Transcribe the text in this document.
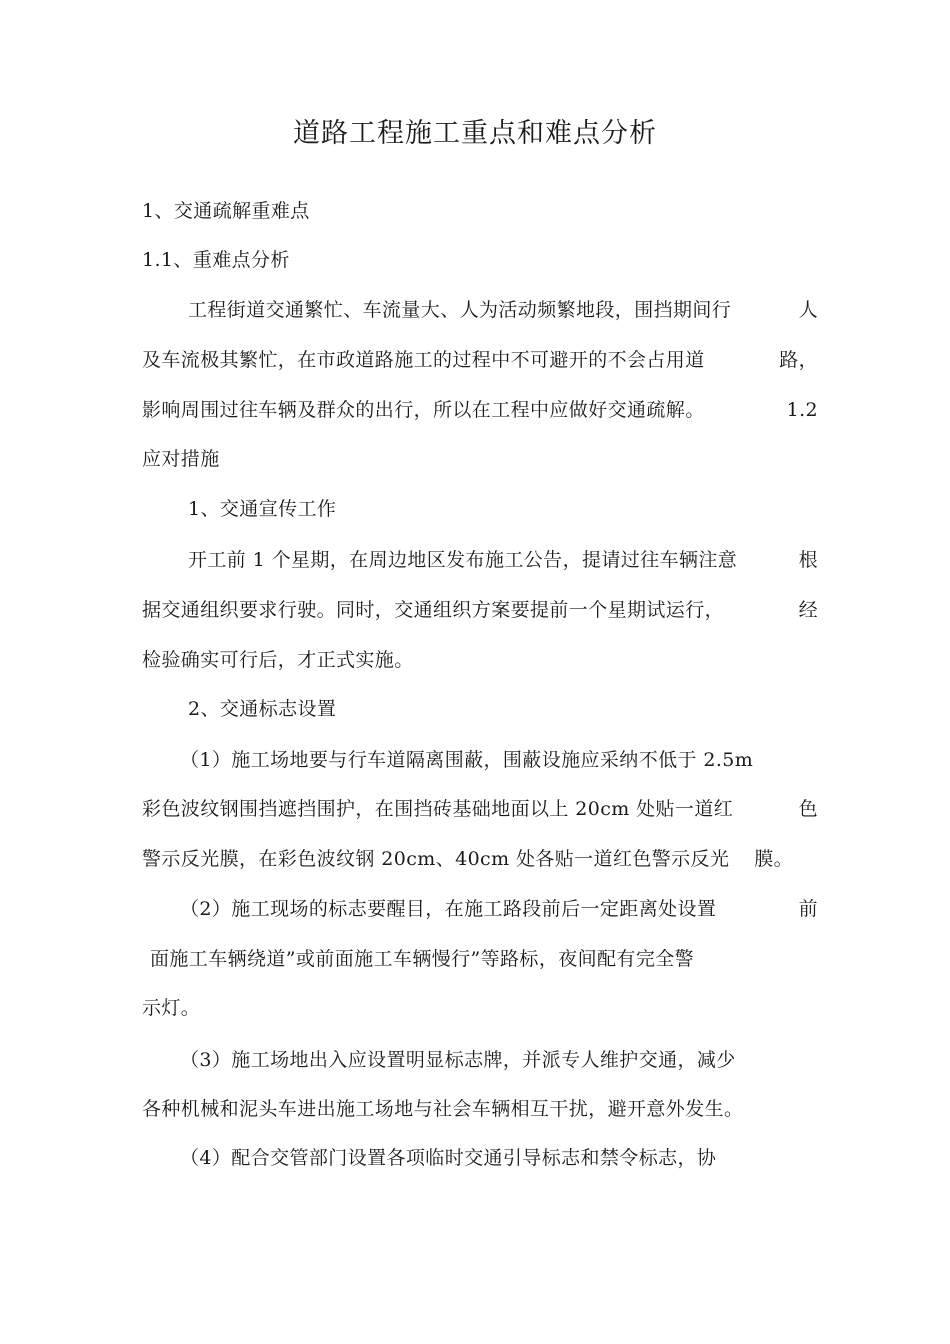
道路工程施工重点和难点分析
1、交通疏解重难点
1.1、重难点分析
工程街道交通繁忙、车流量大、人为活动频繁地段，围挡期间行	人
及车流极其繁忙，在市政道路施工的过程中不可避开的不会占用道	路，
影响周围过往车辆及群众的出行，所以在工程中应做好交通疏解。	1.2
应对措施
1、交通宣传工作
开工前 1 个星期，在周边地区发布施工公告，提请过往车辆注意	根
据交通组织要求行驶。同时，交通组织方案要提前一个星期试运行，	经
检验确实可行后，才正式实施。
2、交通标志设置
（1）施工场地要与行车道隔离围蔽，围蔽设施应采纳不低于 2.5m
彩色波纹钢围挡遮挡围护，在围挡砖基础地面以上 20cm 处贴一道红	色
警示反光膜，在彩色波纹钢 20cm、40cm 处各贴一道红色警示反光 膜。
（2）施工现场的标志要醒目，在施工路段前后一定距离处设置	前
面施工车辆绕道”或前面施工车辆慢行”等路标，夜间配有完全警
示灯。
（3）施工场地出入应设置明显标志牌，并派专人维护交通，减少
各种机械和泥头车进出施工场地与社会车辆相互干扰，避开意外发生。
（4）配合交管部门设置各项临时交通引导标志和禁令标志，协
